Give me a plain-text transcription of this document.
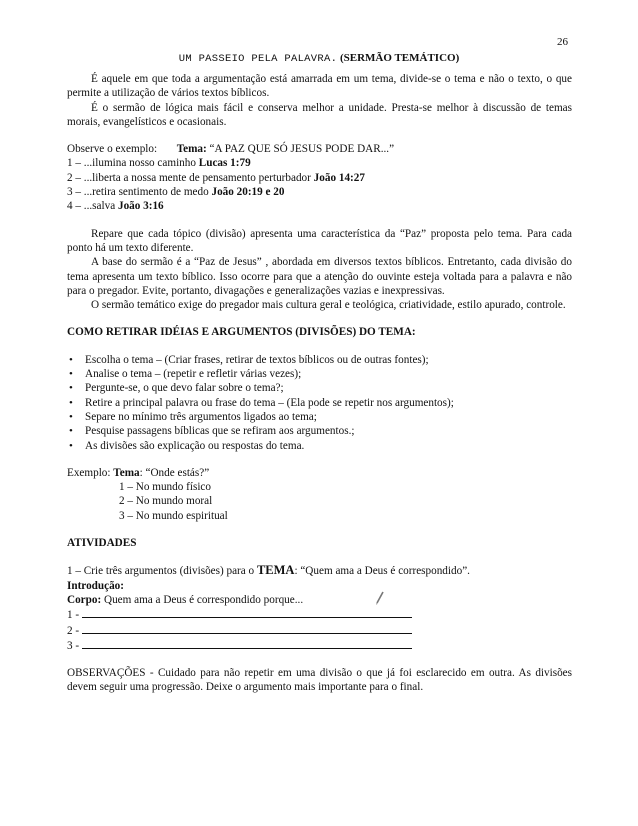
26
UM PASSEIO PELA PALAVRA. (SERMÃO TEMÁTICO)

É aquele em que toda a argumentação está amarrada em um tema, divide-se o tema e não o texto, o que permite a utilização de vários textos bíblicos.

É o sermão de lógica mais fácil e conserva melhor a unidade. Presta-se melhor à discussão de temas morais, evangelísticos e ocasionais.

Observe o exemplo: Tema: “A PAZ QUE SÓ JESUS PODE DAR...”

1 – ...ilumina nosso caminho Lucas 1:79

2 – ...liberta a nossa mente de pensamento perturbador João 14:27

3 – ...retira sentimento de medo João 20:19 e 20

4 – ...salva João 3:16

Repare que cada tópico (divisão) apresenta uma característica da “Paz” proposta pelo tema. Para cada ponto há um texto diferente.

A base do sermão é a “Paz de Jesus” , abordada em diversos textos bíblicos. Entretanto, cada divisão do tema apresenta um texto bíblico. Isso ocorre para que a atenção do ouvinte esteja voltada para a palavra e não para o pregador. Evite, portanto, divagações e generalizações vazias e inexpressivas.

O sermão temático exige do pregador mais cultura geral e teológica, criatividade, estilo apurado, controle.

COMO RETIRAR IDÉIAS E ARGUMENTOS (DIVISÕES) DO TEMA:

• Escolha o tema – (Criar frases, retirar de textos bíblicos ou de outras fontes);
• Analise o tema – (repetir e refletir várias vezes);
• Pergunte-se, o que devo falar sobre o tema?;
• Retire a principal palavra ou frase do tema – (Ela pode se repetir nos argumentos);
• Separe no mínimo três argumentos ligados ao tema;
• Pesquise passagens bíblicas que se refiram aos argumentos.;
• As divisões são explicação ou respostas do tema.

Exemplo: Tema: “Onde estás?”

1 – No mundo físico

2 – No mundo moral

3 – No mundo espiritual

ATIVIDADES

1 – Crie três argumentos (divisões) para o TEMA: “Quem ama a Deus é correspondido”.

Introdução:

Corpo: Quem ama a Deus é correspondido porque...

1 -

2 -

3 -

OBSERVAÇÕES - Cuidado para não repetir em uma divisão o que já foi esclarecido em outra. As divisões devem seguir uma progressão. Deixe o argumento mais importante para o final.
